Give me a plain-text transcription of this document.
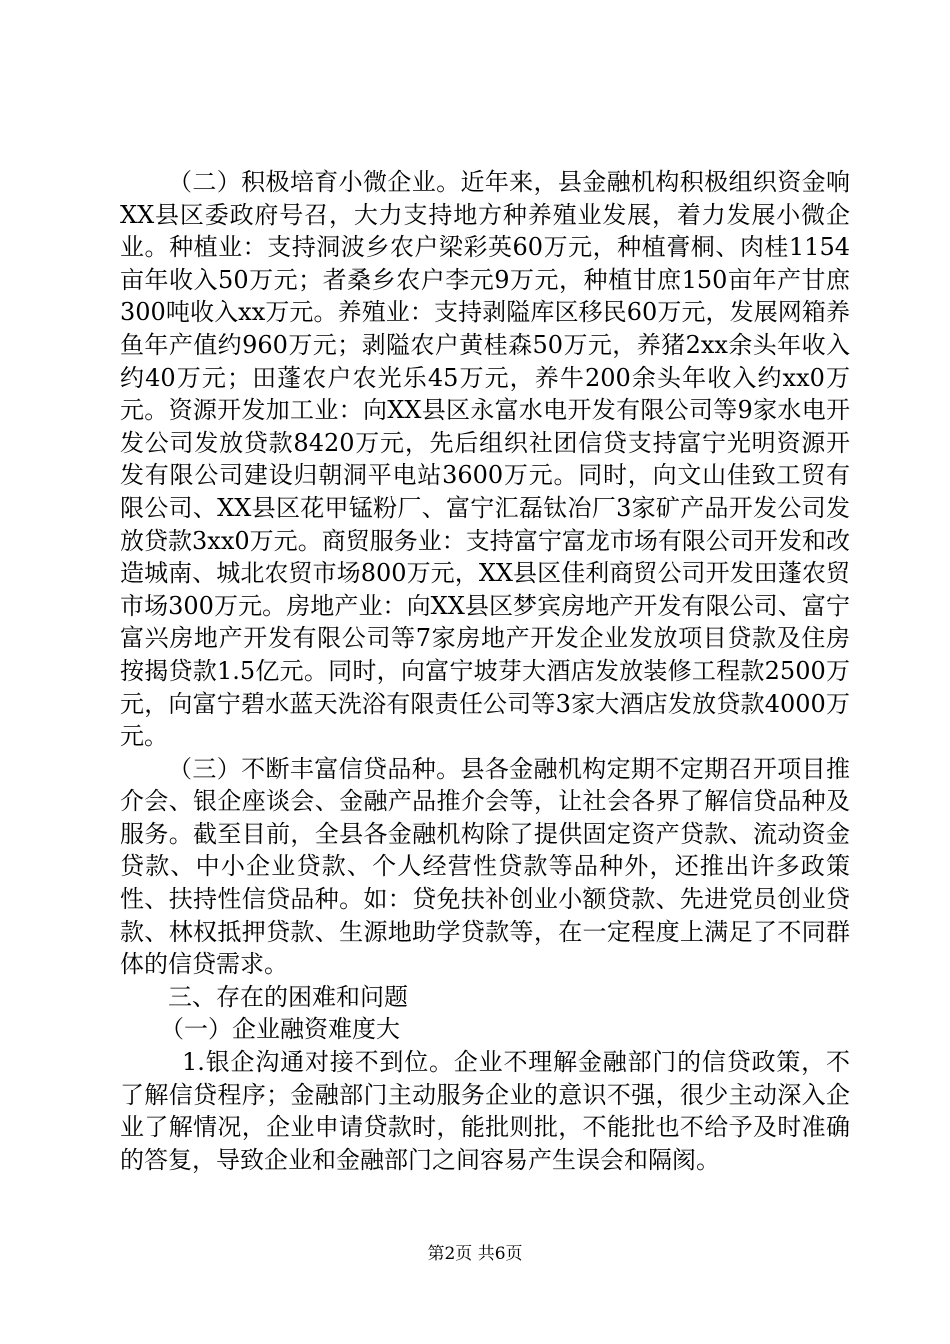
（二）积极培育小微企业。近年来，县金融机构积极组织资金响XX县区委政府号召，大力支持地方种养殖业发展，着力发展小微企业。种植业：支持洞波乡农户梁彩英60万元，种植膏桐、肉桂1154亩年收入50万元；者桑乡农户李元9万元，种植甘庶150亩年产甘庶300吨收入xx万元。养殖业：支持剥隘库区移民60万元，发展网箱养鱼年产值约960万元；剥隘农户黄桂森50万元，养猪2xx余头年收入约40万元；田蓬农户农光乐45万元，养牛200余头年收入约xx0万元。资源开发加工业：向XX县区永富水电开发有限公司等9家水电开发公司发放贷款8420万元，先后组织社团信贷支持富宁光明资源开发有限公司建设归朝洞平电站3600万元。同时，向文山佳致工贸有限公司、XX县区花甲锰粉厂、富宁汇磊钛冶厂3家矿产品开发公司发放贷款3xx0万元。商贸服务业：支持富宁富龙市场有限公司开发和改造城南、城北农贸市场800万元，XX县区佳利商贸公司开发田蓬农贸市场300万元。房地产业：向XX县区梦宾房地产开发有限公司、富宁富兴房地产开发有限公司等7家房地产开发企业发放项目贷款及住房按揭贷款1.5亿元。同时，向富宁坡芽大酒店发放装修工程款2500万元，向富宁碧水蓝天洗浴有限责任公司等3家大酒店发放贷款4000万元。

（三）不断丰富信贷品种。县各金融机构定期不定期召开项目推介会、银企座谈会、金融产品推介会等，让社会各界了解信贷品种及服务。截至目前，全县各金融机构除了提供固定资产贷款、流动资金贷款、中小企业贷款、个人经营性贷款等品种外，还推出许多政策性、扶持性信贷品种。如：贷免扶补创业小额贷款、先进党员创业贷款、林权抵押贷款、生源地助学贷款等，在一定程度上满足了不同群体的信贷需求。

三、存在的困难和问题

（一）企业融资难度大

1.银企沟通对接不到位。企业不理解金融部门的信贷政策，不了解信贷程序；金融部门主动服务企业的意识不强，很少主动深入企业了解情况，企业申请贷款时，能批则批，不能批也不给予及时准确的答复，导致企业和金融部门之间容易产生误会和隔阂。

第2页 共6页
